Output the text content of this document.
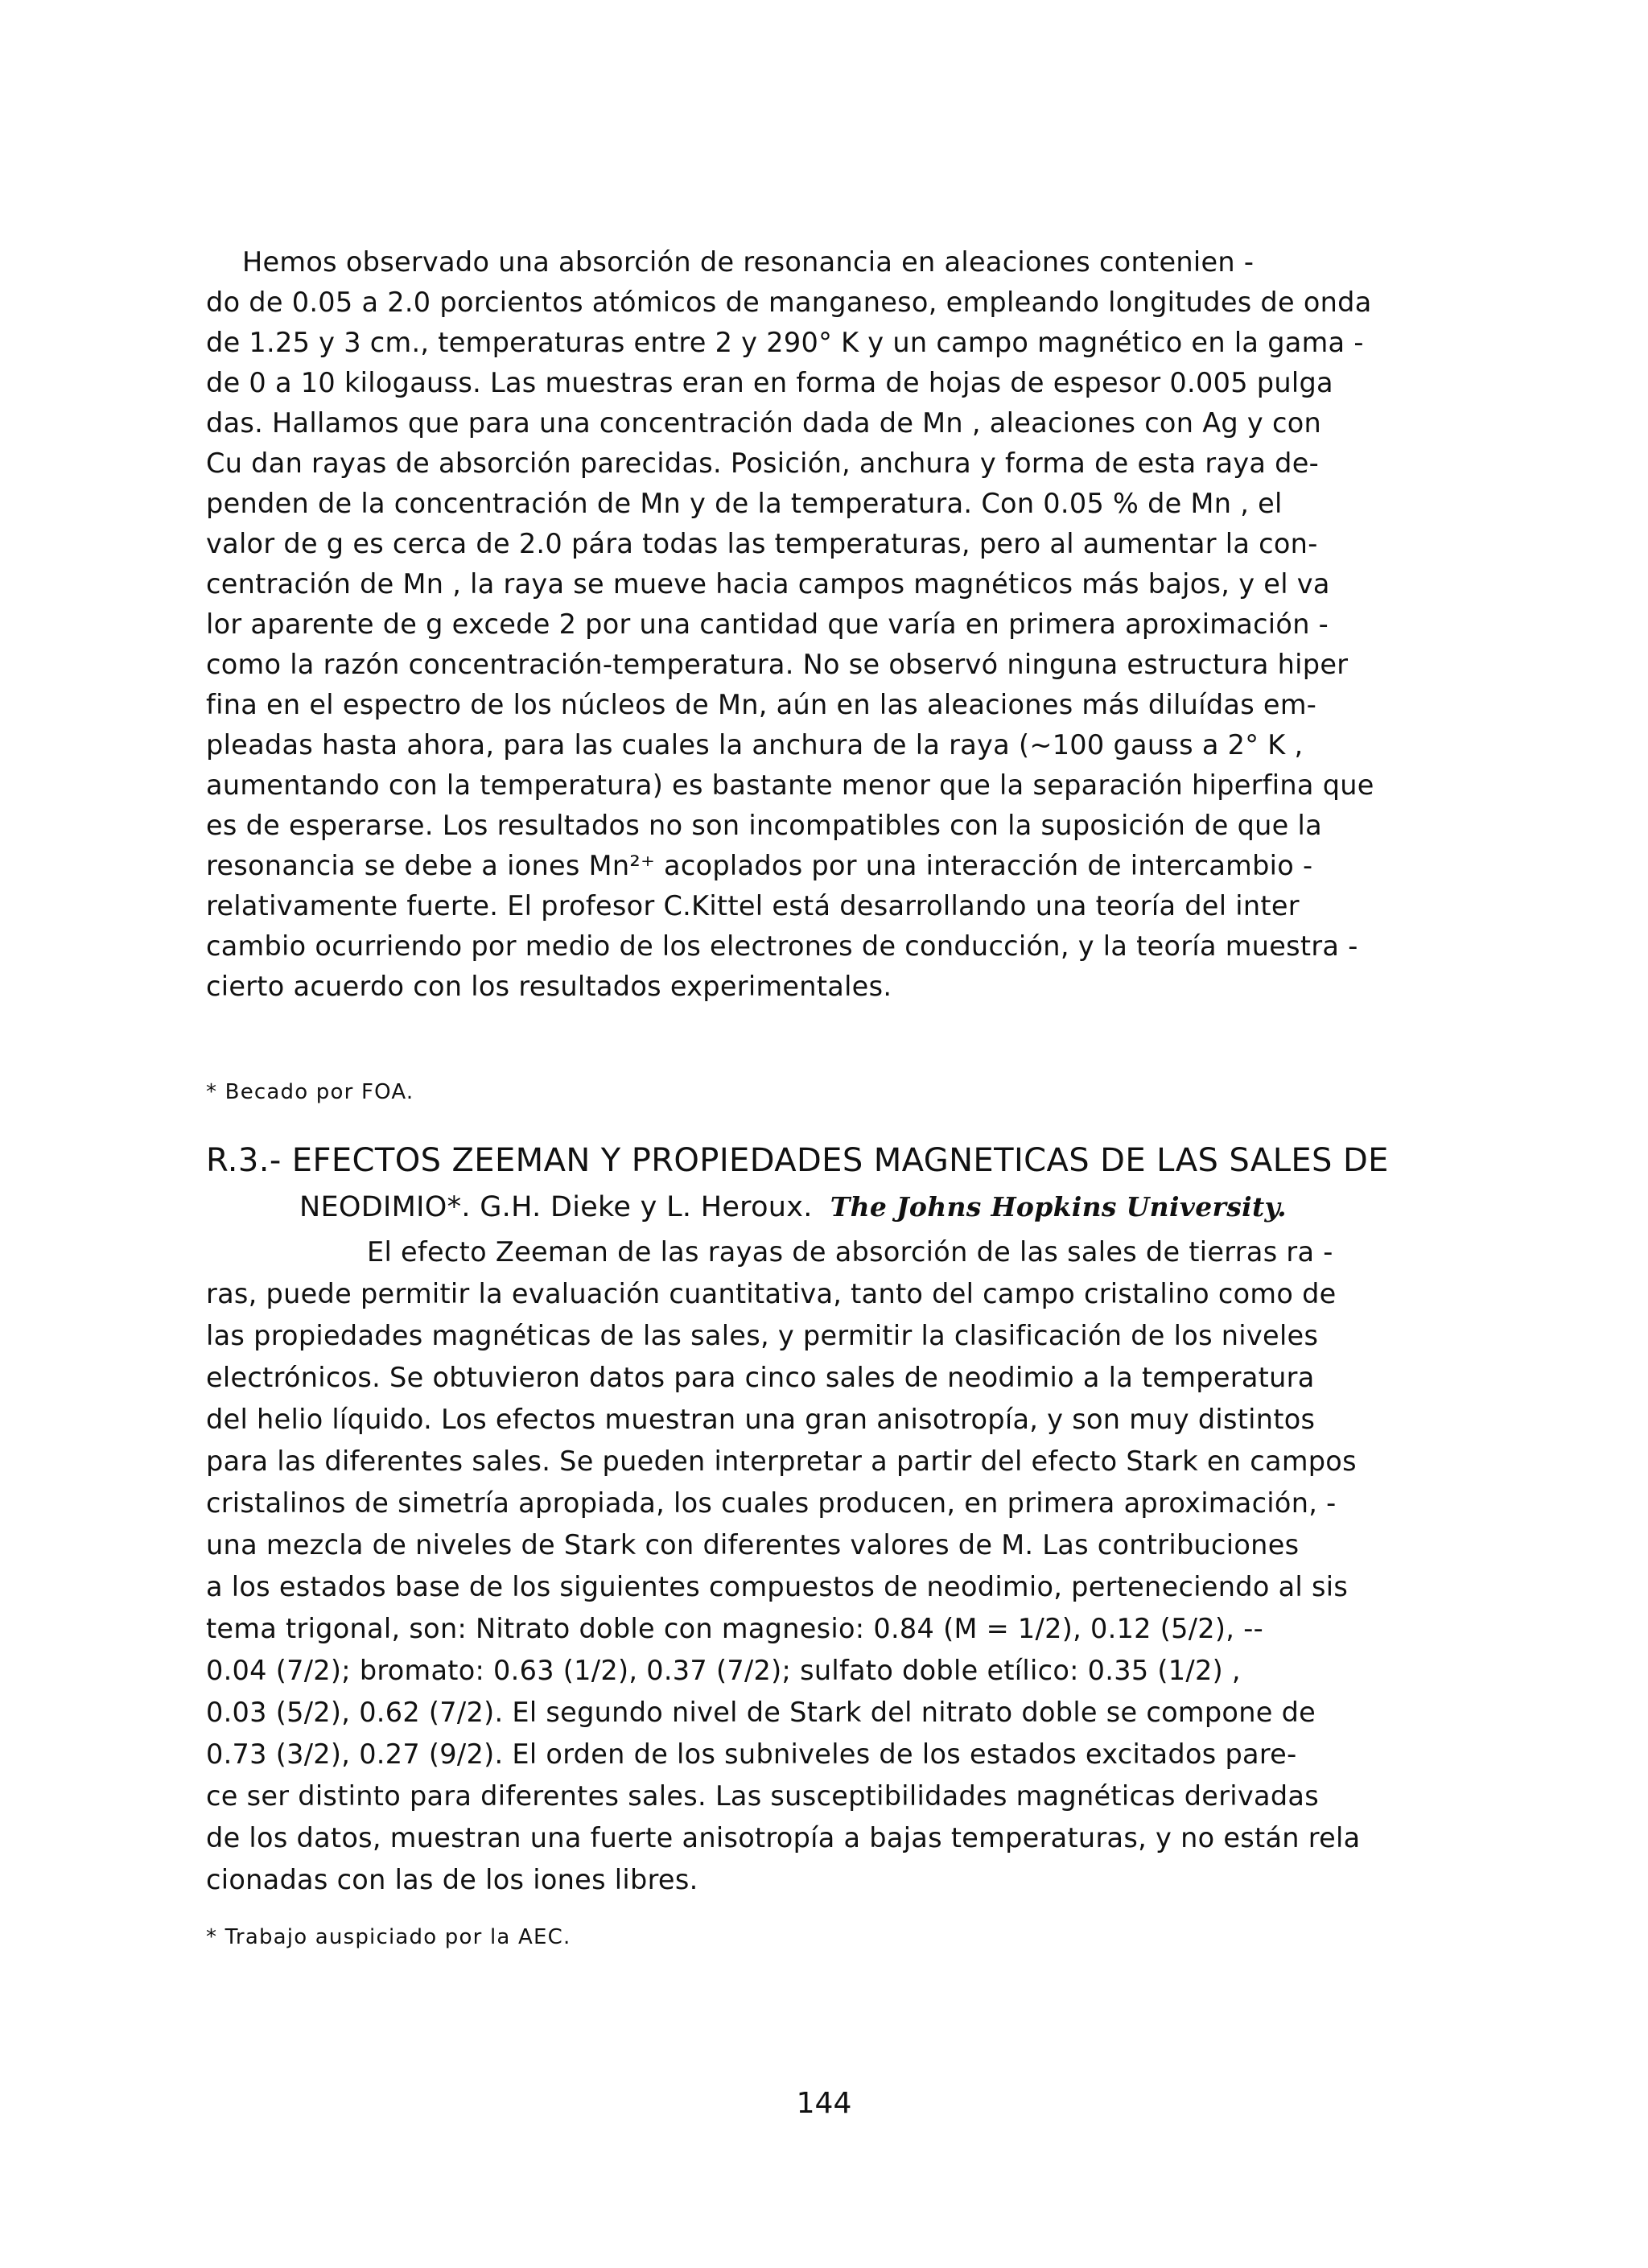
Hemos observado una absorción de resonancia en aleaciones contenien -
do de 0.05 a 2.0 porcientos atómicos de manganeso, empleando longitudes de onda
de 1.25 y 3 cm., temperaturas entre 2 y 290° K y un campo magnético en la gama -
de 0 a 10 kilogauss. Las muestras eran en forma de hojas de espesor 0.005 pulga
das. Hallamos que para una concentración dada de Mn , aleaciones con Ag y con
Cu dan rayas de absorción parecidas. Posición, anchura y forma de esta raya de-
penden de la concentración de Mn y de la temperatura. Con 0.05 % de Mn , el
valor de g es cerca de 2.0 pára todas las temperaturas, pero al aumentar la con-
centración de Mn , la raya se mueve hacia campos magnéticos más bajos, y el va
lor aparente de g excede 2 por una cantidad que varía en primera aproximación -
como la razón concentración-temperatura. No se observó ninguna estructura hiper
fina en el espectro de los núcleos de Mn, aún en las aleaciones más diluídas em-
pleadas hasta ahora, para las cuales la anchura de la raya (~100 gauss a 2° K ,
aumentando con la temperatura) es bastante menor que la separación hiperfina que
es de esperarse. Los resultados no son incompatibles con la suposición de que la
resonancia se debe a iones Mn²⁺ acoplados por una interacción de intercambio -
relativamente fuerte. El profesor C.Kittel está desarrollando una teoría del inter
cambio ocurriendo por medio de los electrones de conducción, y la teoría muestra -
cierto acuerdo con los resultados experimentales.
* Becado por FOA.
R.3.- EFECTOS ZEEMAN Y PROPIEDADES MAGNETICAS DE LAS SALES DE
NEODIMIO*. G.H. Dieke y L. Heroux. The Johns Hopkins University.
El efecto Zeeman de las rayas de absorción de las sales de tierras ra -
ras, puede permitir la evaluación cuantitativa, tanto del campo cristalino como de
las propiedades magnéticas de las sales, y permitir la clasificación de los niveles
electrónicos. Se obtuvieron datos para cinco sales de neodimio a la temperatura
del helio líquido. Los efectos muestran una gran anisotropía, y son muy distintos
para las diferentes sales. Se pueden interpretar a partir del efecto Stark en campos
cristalinos de simetría apropiada, los cuales producen, en primera aproximación, -
una mezcla de niveles de Stark con diferentes valores de M. Las contribuciones
a los estados base de los siguientes compuestos de neodimio, perteneciendo al sis
tema trigonal, son: Nitrato doble con magnesio: 0.84 (M = 1/2), 0.12 (5/2), --
0.04 (7/2); bromato: 0.63 (1/2), 0.37 (7/2); sulfato doble etílico: 0.35 (1/2) ,
0.03 (5/2), 0.62 (7/2). El segundo nivel de Stark del nitrato doble se compone de
0.73 (3/2), 0.27 (9/2). El orden de los subniveles de los estados excitados pare-
ce ser distinto para diferentes sales. Las susceptibilidades magnéticas derivadas
de los datos, muestran una fuerte anisotropía a bajas temperaturas, y no están rela
cionadas con las de los iones libres.
* Trabajo auspiciado por la AEC.
144
